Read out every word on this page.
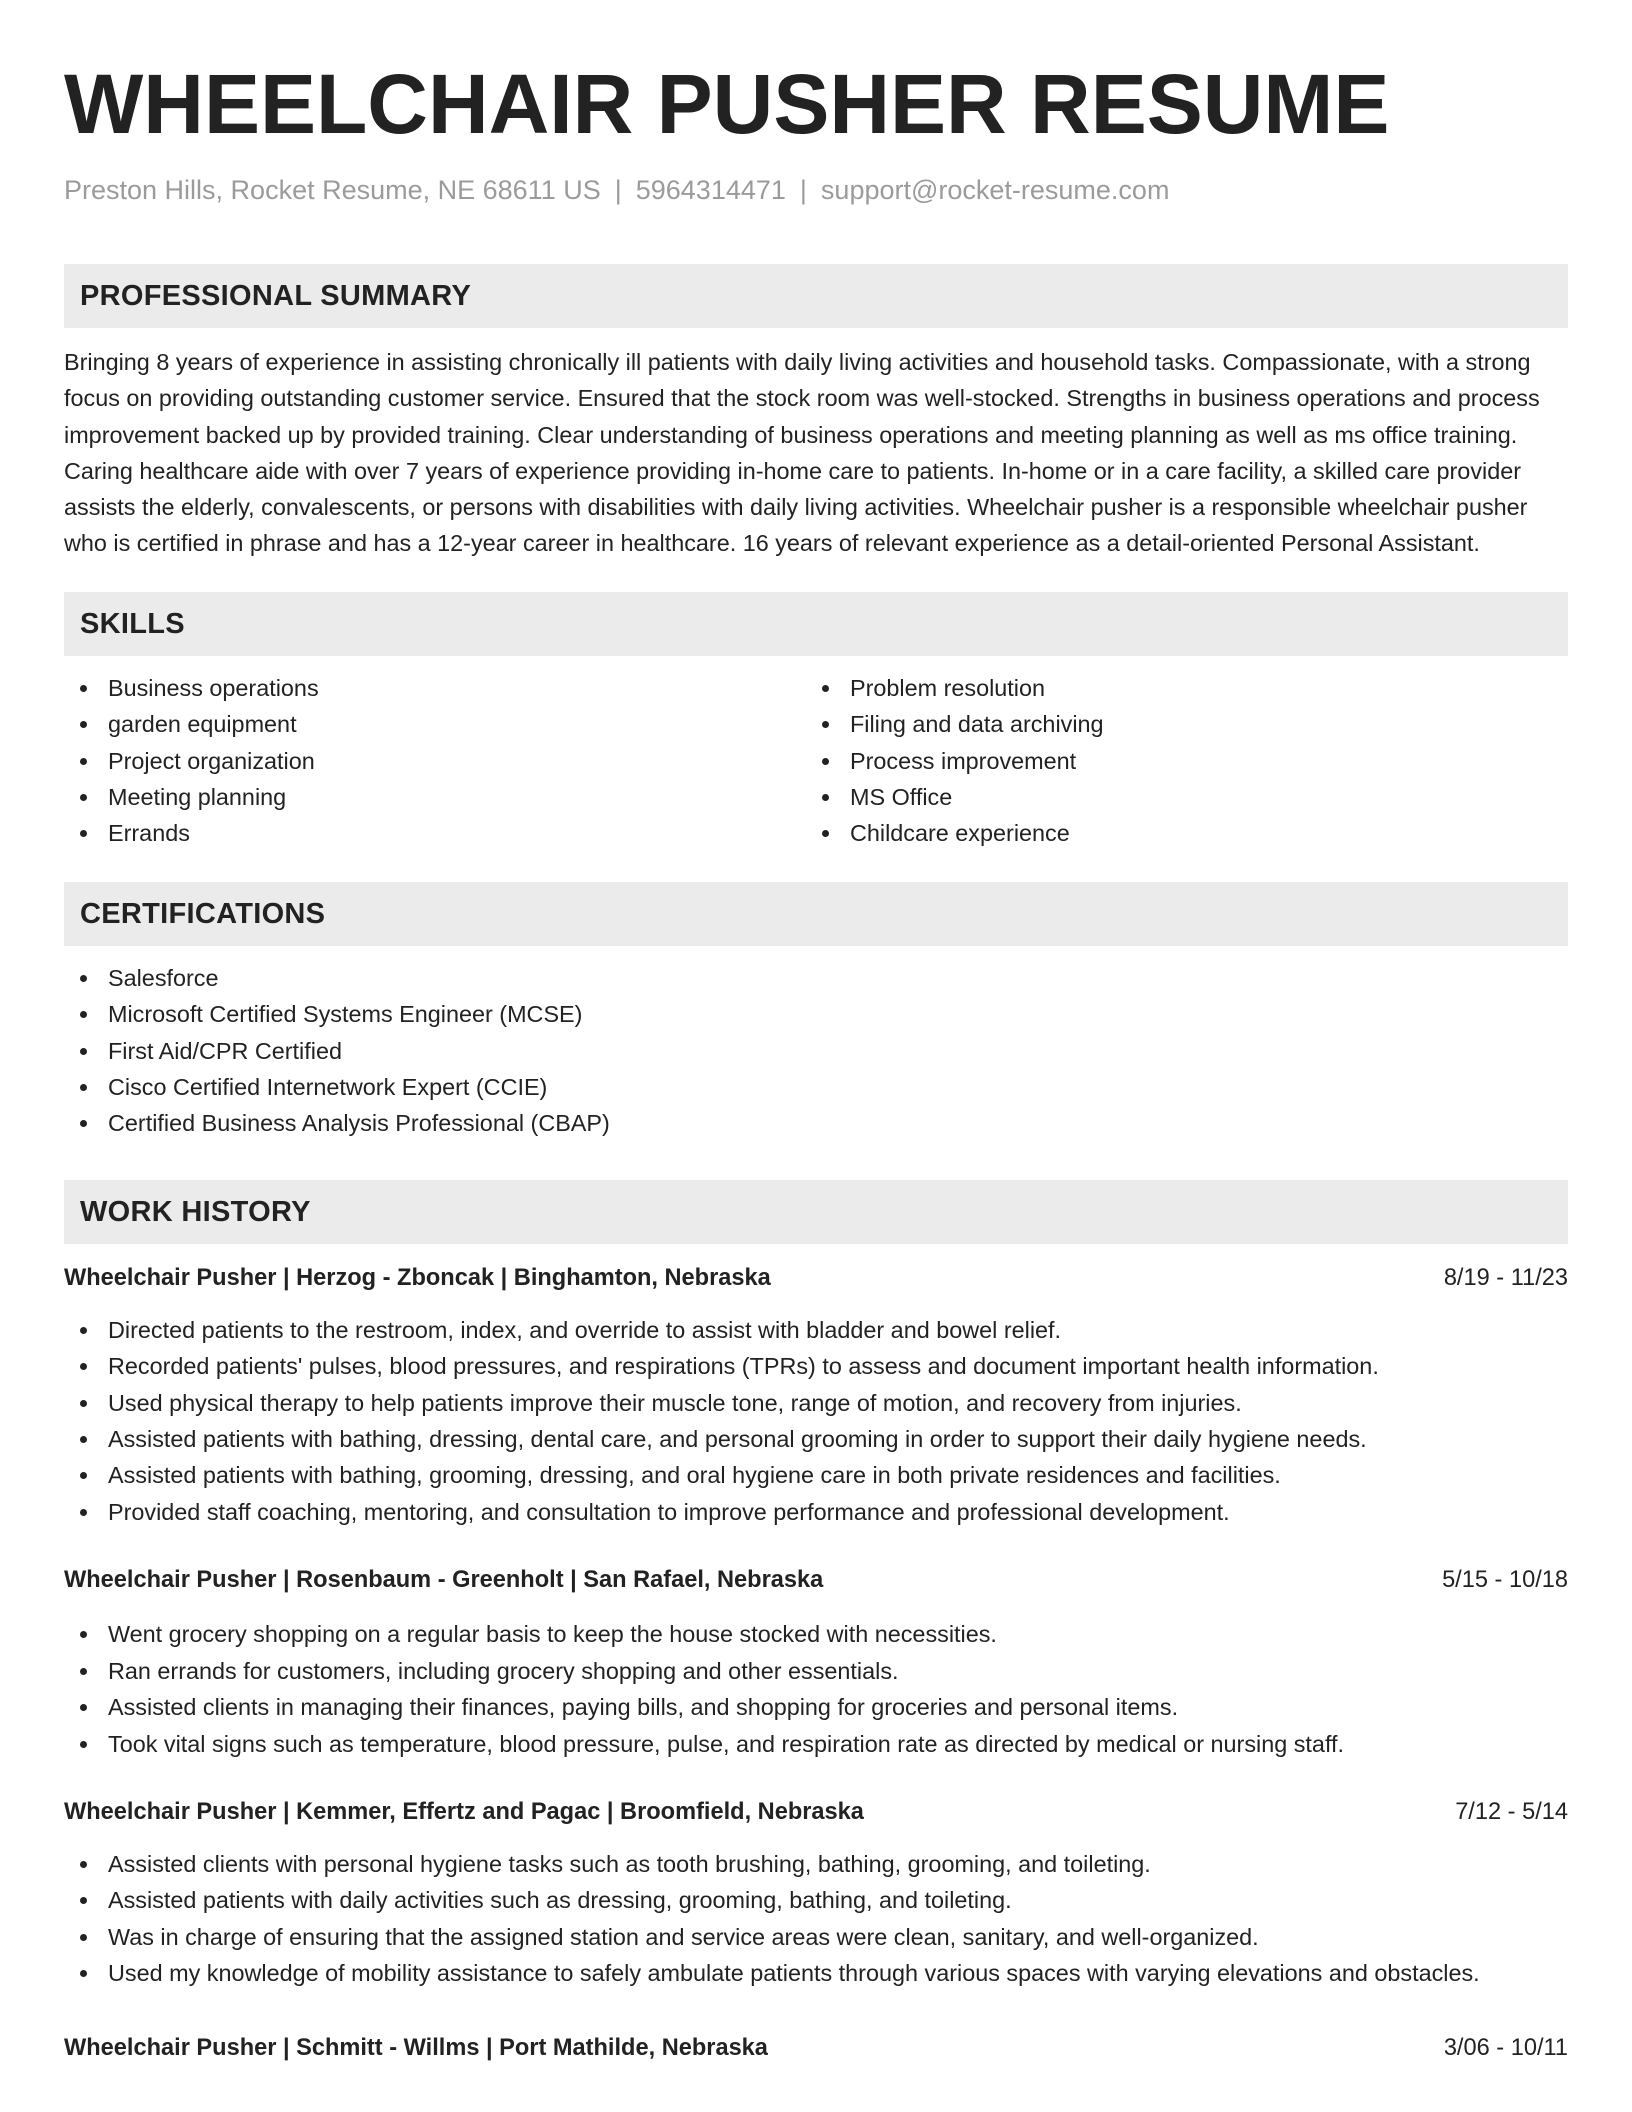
WHEELCHAIR PUSHER RESUME
Preston Hills, Rocket Resume, NE 68611 US | 5964314471 | support@rocket-resume.com
PROFESSIONAL SUMMARY

Bringing 8 years of experience in assisting chronically ill patients with daily living activities and household tasks. Compassionate, with a strong focus on providing outstanding customer service. Ensured that the stock room was well-stocked. Strengths in business operations and process improvement backed up by provided training. Clear understanding of business operations and meeting planning as well as ms office training. Caring healthcare aide with over 7 years of experience providing in-home care to patients. In-home or in a care facility, a skilled care provider assists the elderly, convalescents, or persons with disabilities with daily living activities. Wheelchair pusher is a responsible wheelchair pusher who is certified in phrase and has a 12-year career in healthcare. 16 years of relevant experience as a detail-oriented Personal Assistant.

SKILLS
Business operations
garden equipment
Project organization
Meeting planning
Errands
Problem resolution
Filing and data archiving
Process improvement
MS Office
Childcare experience
CERTIFICATIONS
Salesforce
Microsoft Certified Systems Engineer (MCSE)
First Aid/CPR Certified
Cisco Certified Internetwork Expert (CCIE)
Certified Business Analysis Professional (CBAP)
WORK HISTORY
Wheelchair Pusher | Herzog - Zboncak | Binghamton, Nebraska	8/19 - 11/23
Directed patients to the restroom, index, and override to assist with bladder and bowel relief.
Recorded patients' pulses, blood pressures, and respirations (TPRs) to assess and document important health information.
Used physical therapy to help patients improve their muscle tone, range of motion, and recovery from injuries.
Assisted patients with bathing, dressing, dental care, and personal grooming in order to support their daily hygiene needs.
Assisted patients with bathing, grooming, dressing, and oral hygiene care in both private residences and facilities.
Provided staff coaching, mentoring, and consultation to improve performance and professional development.
Wheelchair Pusher | Rosenbaum - Greenholt | San Rafael, Nebraska	5/15 - 10/18
Went grocery shopping on a regular basis to keep the house stocked with necessities.
Ran errands for customers, including grocery shopping and other essentials.
Assisted clients in managing their finances, paying bills, and shopping for groceries and personal items.
Took vital signs such as temperature, blood pressure, pulse, and respiration rate as directed by medical or nursing staff.
Wheelchair Pusher | Kemmer, Effertz and Pagac | Broomfield, Nebraska	7/12 - 5/14
Assisted clients with personal hygiene tasks such as tooth brushing, bathing, grooming, and toileting.
Assisted patients with daily activities such as dressing, grooming, bathing, and toileting.
Was in charge of ensuring that the assigned station and service areas were clean, sanitary, and well-organized.
Used my knowledge of mobility assistance to safely ambulate patients through various spaces with varying elevations and obstacles.
Wheelchair Pusher | Schmitt - Willms | Port Mathilde, Nebraska	3/06 - 10/11
